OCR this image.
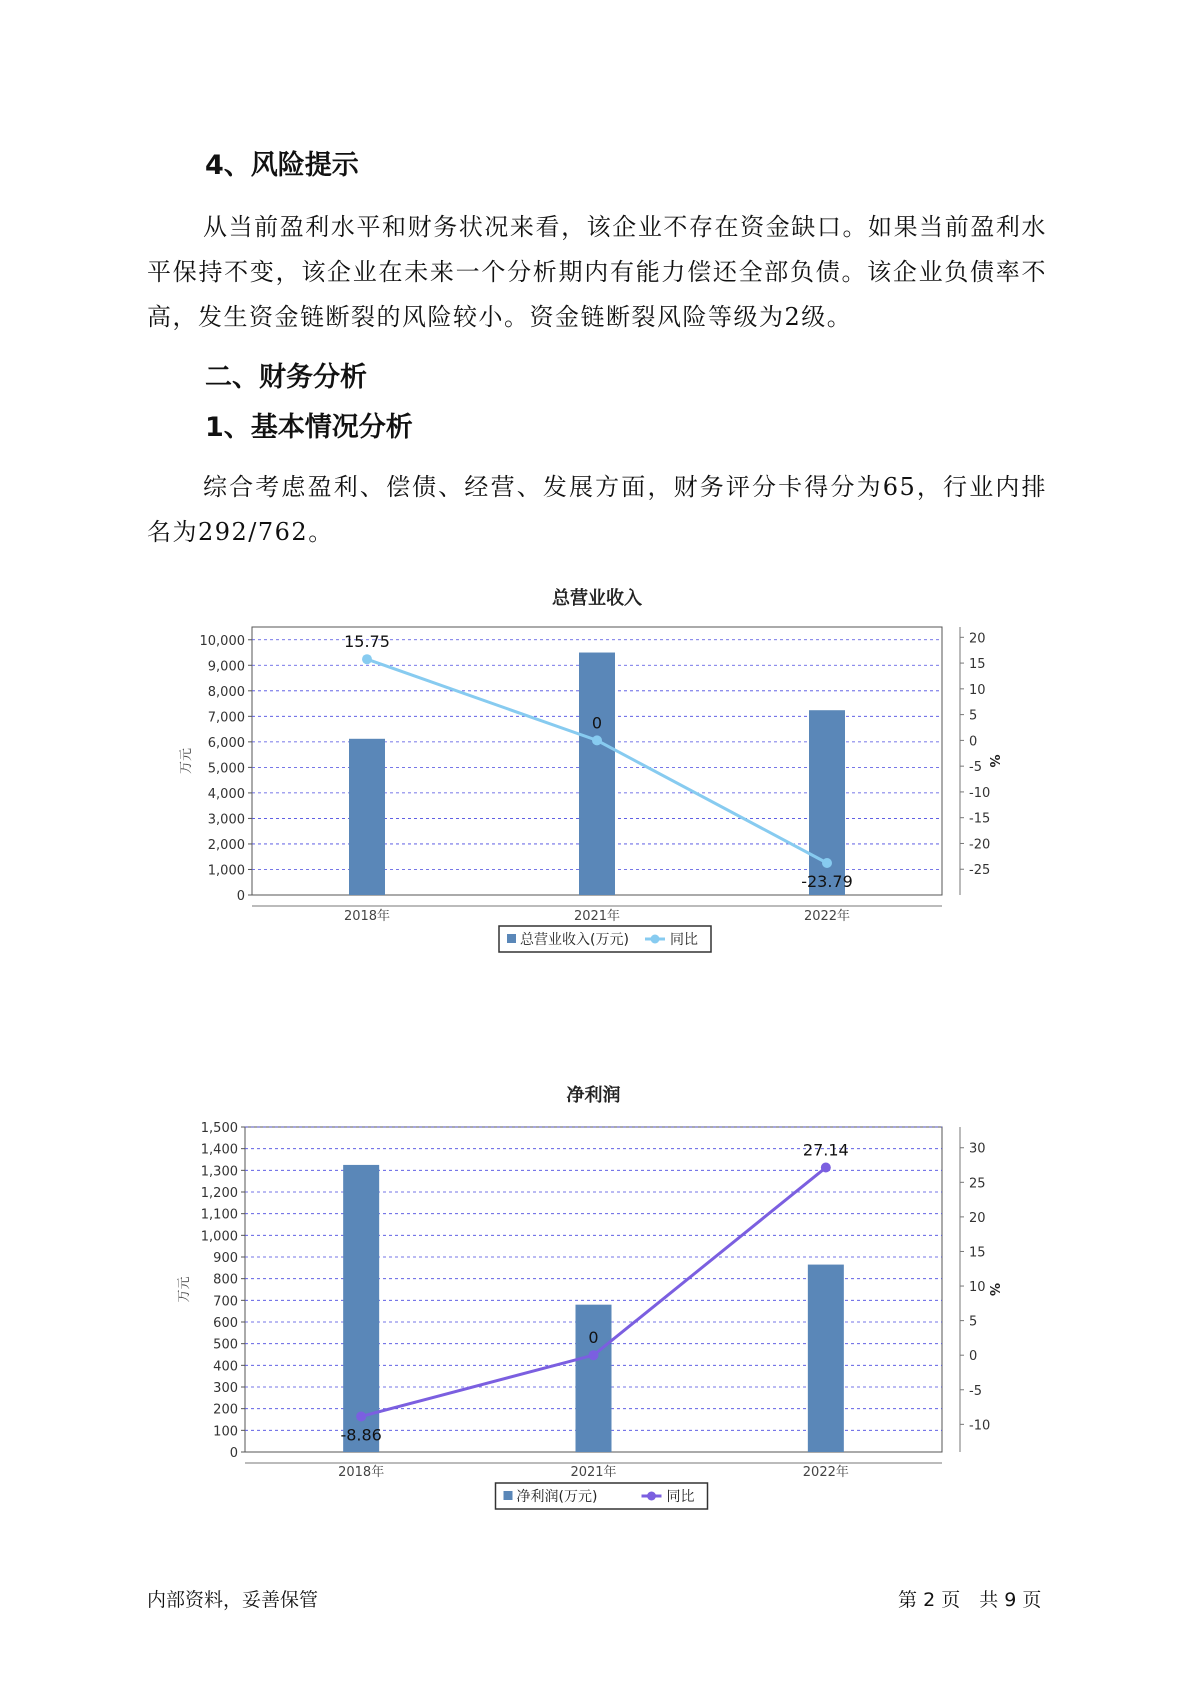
4、风险提示

从当前盈利水平和财务状况来看，该企业不存在资金缺口。如果当前盈利水平保持不变，该企业在未来一个分析期内有能力偿还全部负债。该企业负债率不高，发生资金链断裂的风险较小。资金链断裂风险等级为2级。

二、财务分析
1、基本情况分析

综合考虑盈利、偿债、经营、发展方面，财务评分卡得分为65，行业内排名为292/762。

总营业收入
0
1,000
2,000
3,000
4,000
5,000
6,000
7,000
8,000
9,000
10,000	20
15
10
5
0
-5
-10
-15
-20
-25
万元	%
2018年	2021年	2022年
15.75
0
-23.79
总营业收入(万元)	同比
净利润
0
100
200
300
400
500
600
700
800
900
1,000
1,100
1,200
1,300
1,400
1,500
30
25
20
15
10
5
0
-5
-10
万元	%
2018年	2021年	2022年
-8.86
0
27.14
净利润(万元)	同比
内部资料，妥善保管	第 2 页　共 9 页
